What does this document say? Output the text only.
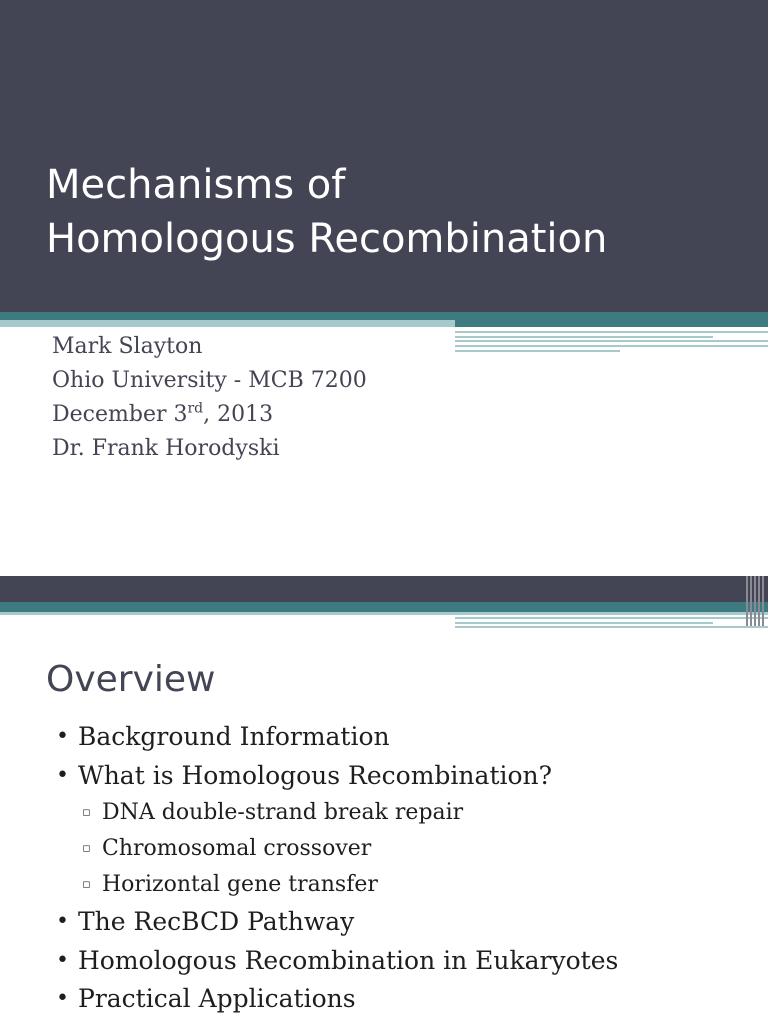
Mechanisms of
Homologous Recombination
Mark Slayton
Ohio University - MCB 7200
December 3rd, 2013
Dr. Frank Horodyski
Overview
• Background Information
• What is Homologous Recombination?
▫ DNA double-strand break repair
▫ Chromosomal crossover
▫ Horizontal gene transfer
• The RecBCD Pathway
• Homologous Recombination in Eukaryotes
• Practical Applications
